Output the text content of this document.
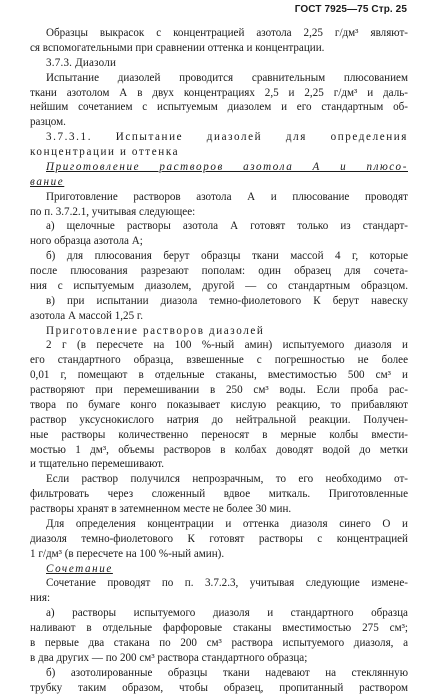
ГОСТ 7925—75 Стр. 25
Образцы выкрасок с концентрацией азотола 2,25 г/дм³ являют-
ся вспомогательными при сравнении оттенка и концентрации.
3.7.3. Диазоли
Испытание диазолей проводится сравнительным плюсованием
ткани азотолом А в двух концентрациях 2,5 и 2,25 г/дм³ и даль-
нейшим сочетанием с испытуемым диазолем и его стандартным об-
разцом.
3.7.3.1. Испытание диазолей для определения
концентрации и оттенка
Приготовление растворов азотола А и плюсо-
вание
Приготовление растворов азотола А и плюсование проводят
по п. 3.7.2.1, учитывая следующее:
а) щелочные растворы азотола А готовят только из стандарт-
ного образца азотола А;
б) для плюсования берут образцы ткани массой 4 г, которые
после плюсования разрезают пополам: один образец для сочета-
ния с испытуемым диазолем, другой — со стандартным образцом.
в) при испытании диазола темно-фиолетового К берут навеску
азотола А массой 1,25 г.
Приготовление растворов диазолей
2 г (в пересчете на 100 %-ный амин) испытуемого диазоля и
его стандартного образца, взвешенные с погрешностью не более
0,01 г, помещают в отдельные стаканы, вместимостью 500 см³ и
растворяют при перемешивании в 250 см³ воды. Если проба рас-
твора по бумаге конго показывает кислую реакцию, то прибавляют
раствор уксуснокислого натрия до нейтральной реакции. Получен-
ные растворы количественно переносят в мерные колбы вмести-
мостью 1 дм³, объемы растворов в колбах доводят водой до метки
и тщательно перемешивают.
Если раствор получился непрозрачным, то его необходимо от-
фильтровать через сложенный вдвое миткаль. Приготовленные
растворы хранят в затемненном месте не более 30 мин.
Для определения концентрации и оттенка диазоля синего О и
диазоля темно-фиолетового К готовят растворы с концентрацией
1 г/дм³ (в пересчете на 100 %-ный амин).
Сочетание
Сочетание проводят по п. 3.7.2.3, учитывая следующие измене-
ния:
а) растворы испытуемого диазоля и стандартного образца
наливают в отдельные фарфоровые стаканы вместимостью 275 см³;
в первые два стакана по 200 см³ раствора испытуемого диазоля, а
в два других — по 200 см³ раствора стандартного образца;
б) азотолированные образцы ткани надевают на стеклянную
трубку таким образом, чтобы образец, пропитанный раствором
